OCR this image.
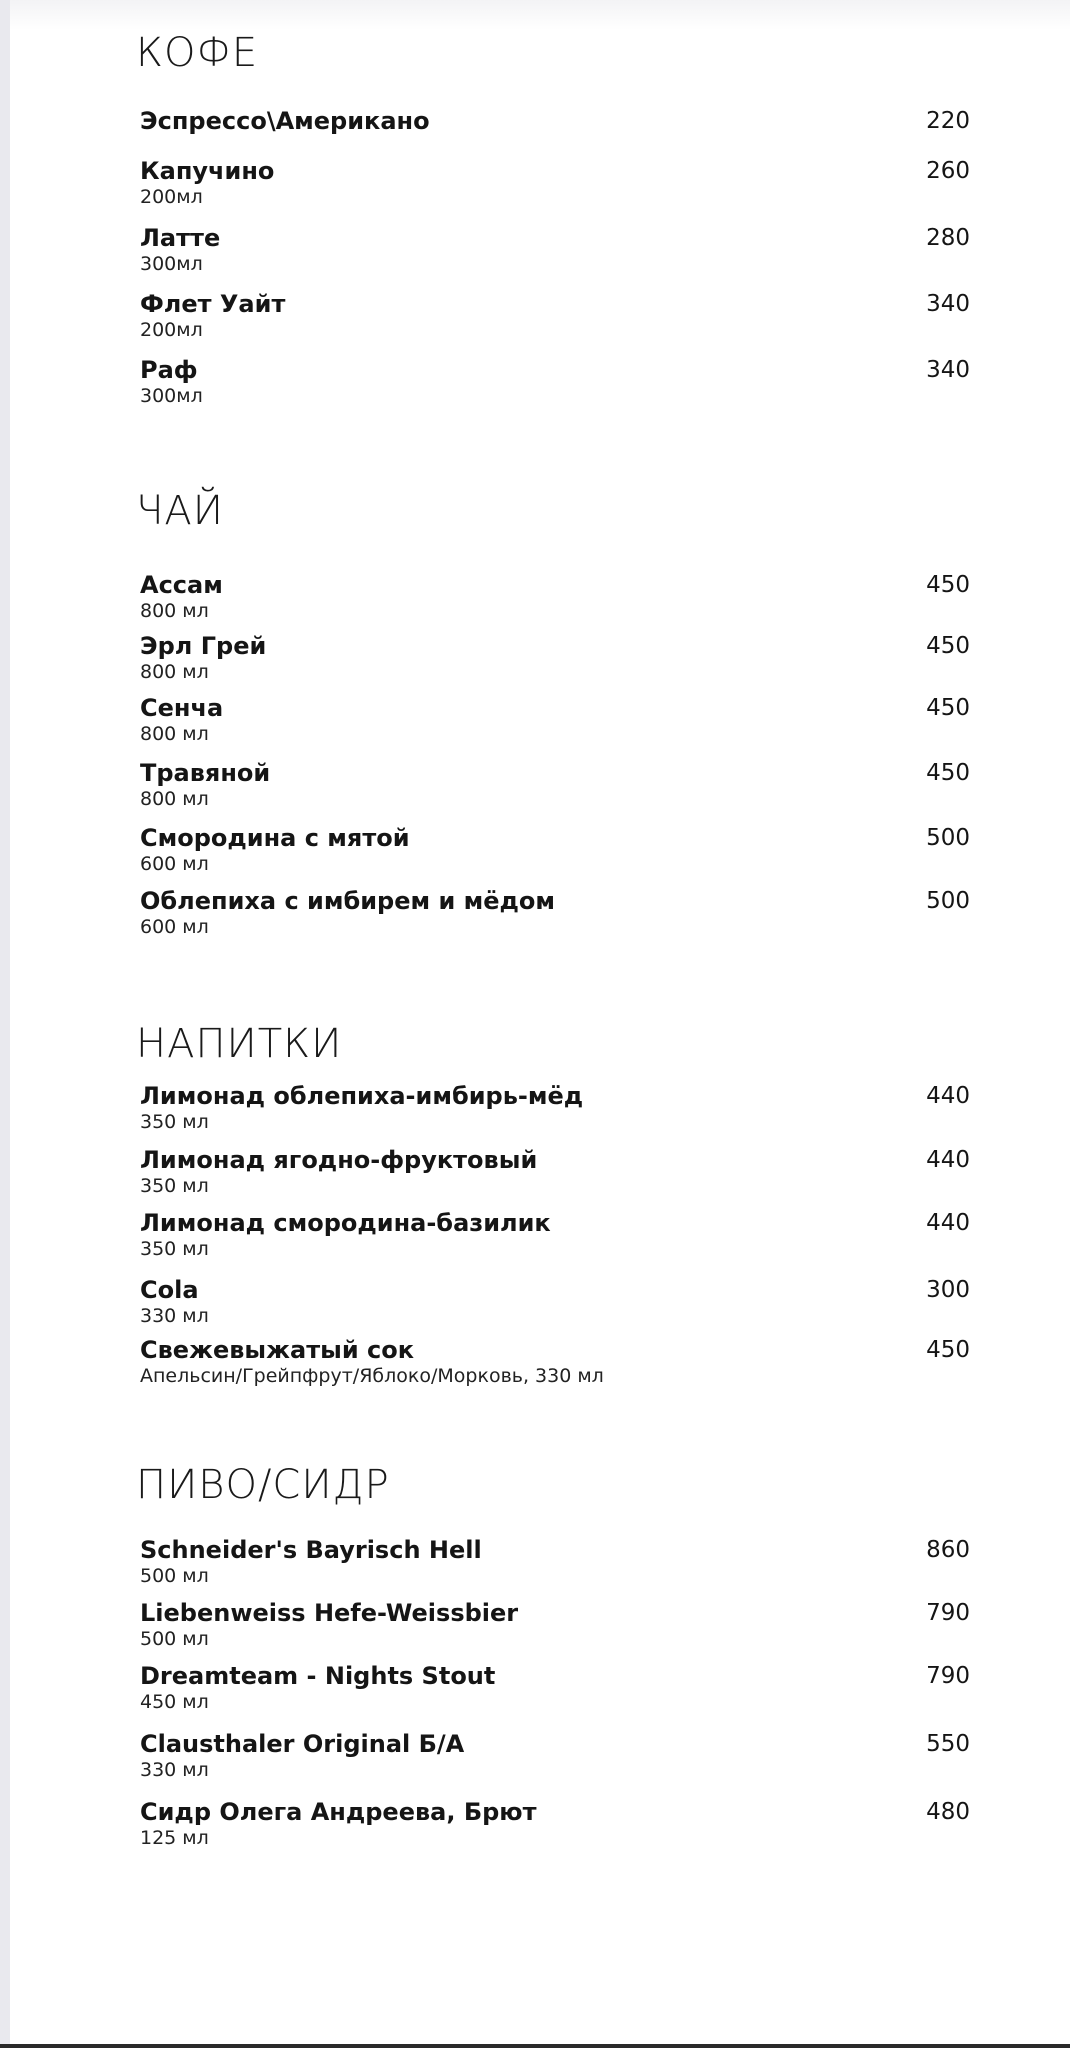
КОФЕ
Эспрессо\Американо	220
Капучино
200мл
260
Латте
300мл
280
Флет Уайт
200мл
340
Раф
300мл
340
ЧАЙ
Ассам
800 мл
450
Эрл Грей
800 мл
450
Сенча
800 мл
450
Травяной
800 мл
450
Смородина с мятой
600 мл
500
Облепиха с имбирем и мёдом
600 мл
500
НАПИТКИ
Лимонад облепиха-имбирь-мёд
350 мл
440
Лимонад ягодно-фруктовый
350 мл
440
Лимонад смородина-базилик
350 мл
440
Cola
330 мл
300
Свежевыжатый сок
Апельсин/Грейпфрут/Яблоко/Морковь, 330 мл
450
ПИВО/СИДР
Schneider's Bayrisch Hell
500 мл
860
Liebenweiss Hefe-Weissbier
500 мл
790
Dreamteam - Nights Stout
450 мл
790
Clausthaler Original Б/А
330 мл
550
Сидр Олега Андреева, Брют
125 мл
480
